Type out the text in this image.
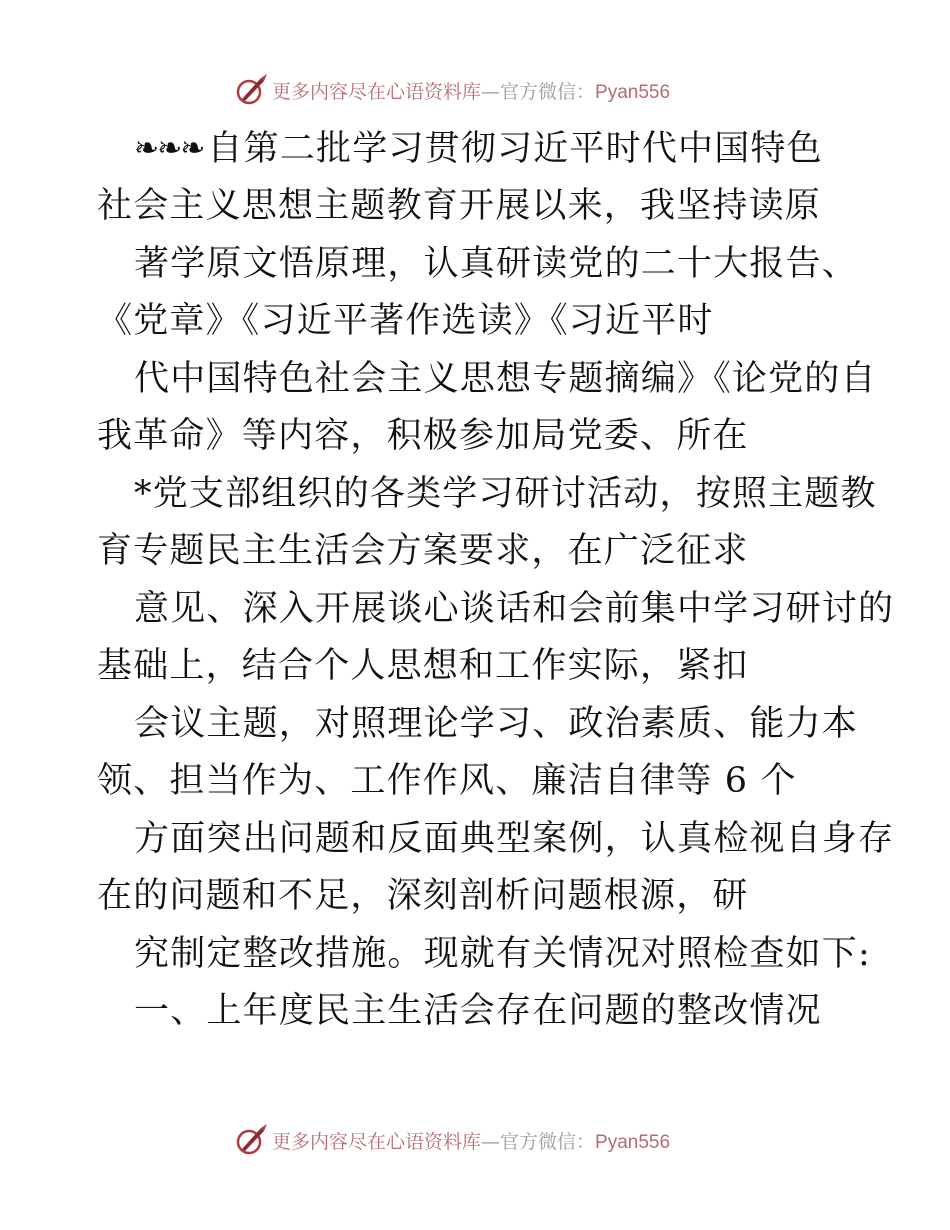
更多内容尽在心语资料库—官方微信：Pyan556
❧❧❧ 自第二批学习贯彻习近平时代中国特色
社会主义思想主题教育开展以来，我坚持读原
著学原文悟原理，认真研读党的二十大报告、
《党章》《习近平著作选读》《习近平时
代中国特色社会主义思想专题摘编》《论党的自
我革命》等内容，积极参加局党委、所在
*党支部组织的各类学习研讨活动，按照主题教
育专题民主生活会方案要求，在广泛征求
意见、深入开展谈心谈话和会前集中学习研讨的
基础上，结合个人思想和工作实际，紧扣
会议主题，对照理论学习、政治素质、能力本
领、担当作为、工作作风、廉洁自律等 6 个
方面突出问题和反面典型案例，认真检视自身存
在的问题和不足，深刻剖析问题根源，研
究制定整改措施。现就有关情况对照检查如下:
一、上年度民主生活会存在问题的整改情况
更多内容尽在心语资料库—官方微信：Pyan556
